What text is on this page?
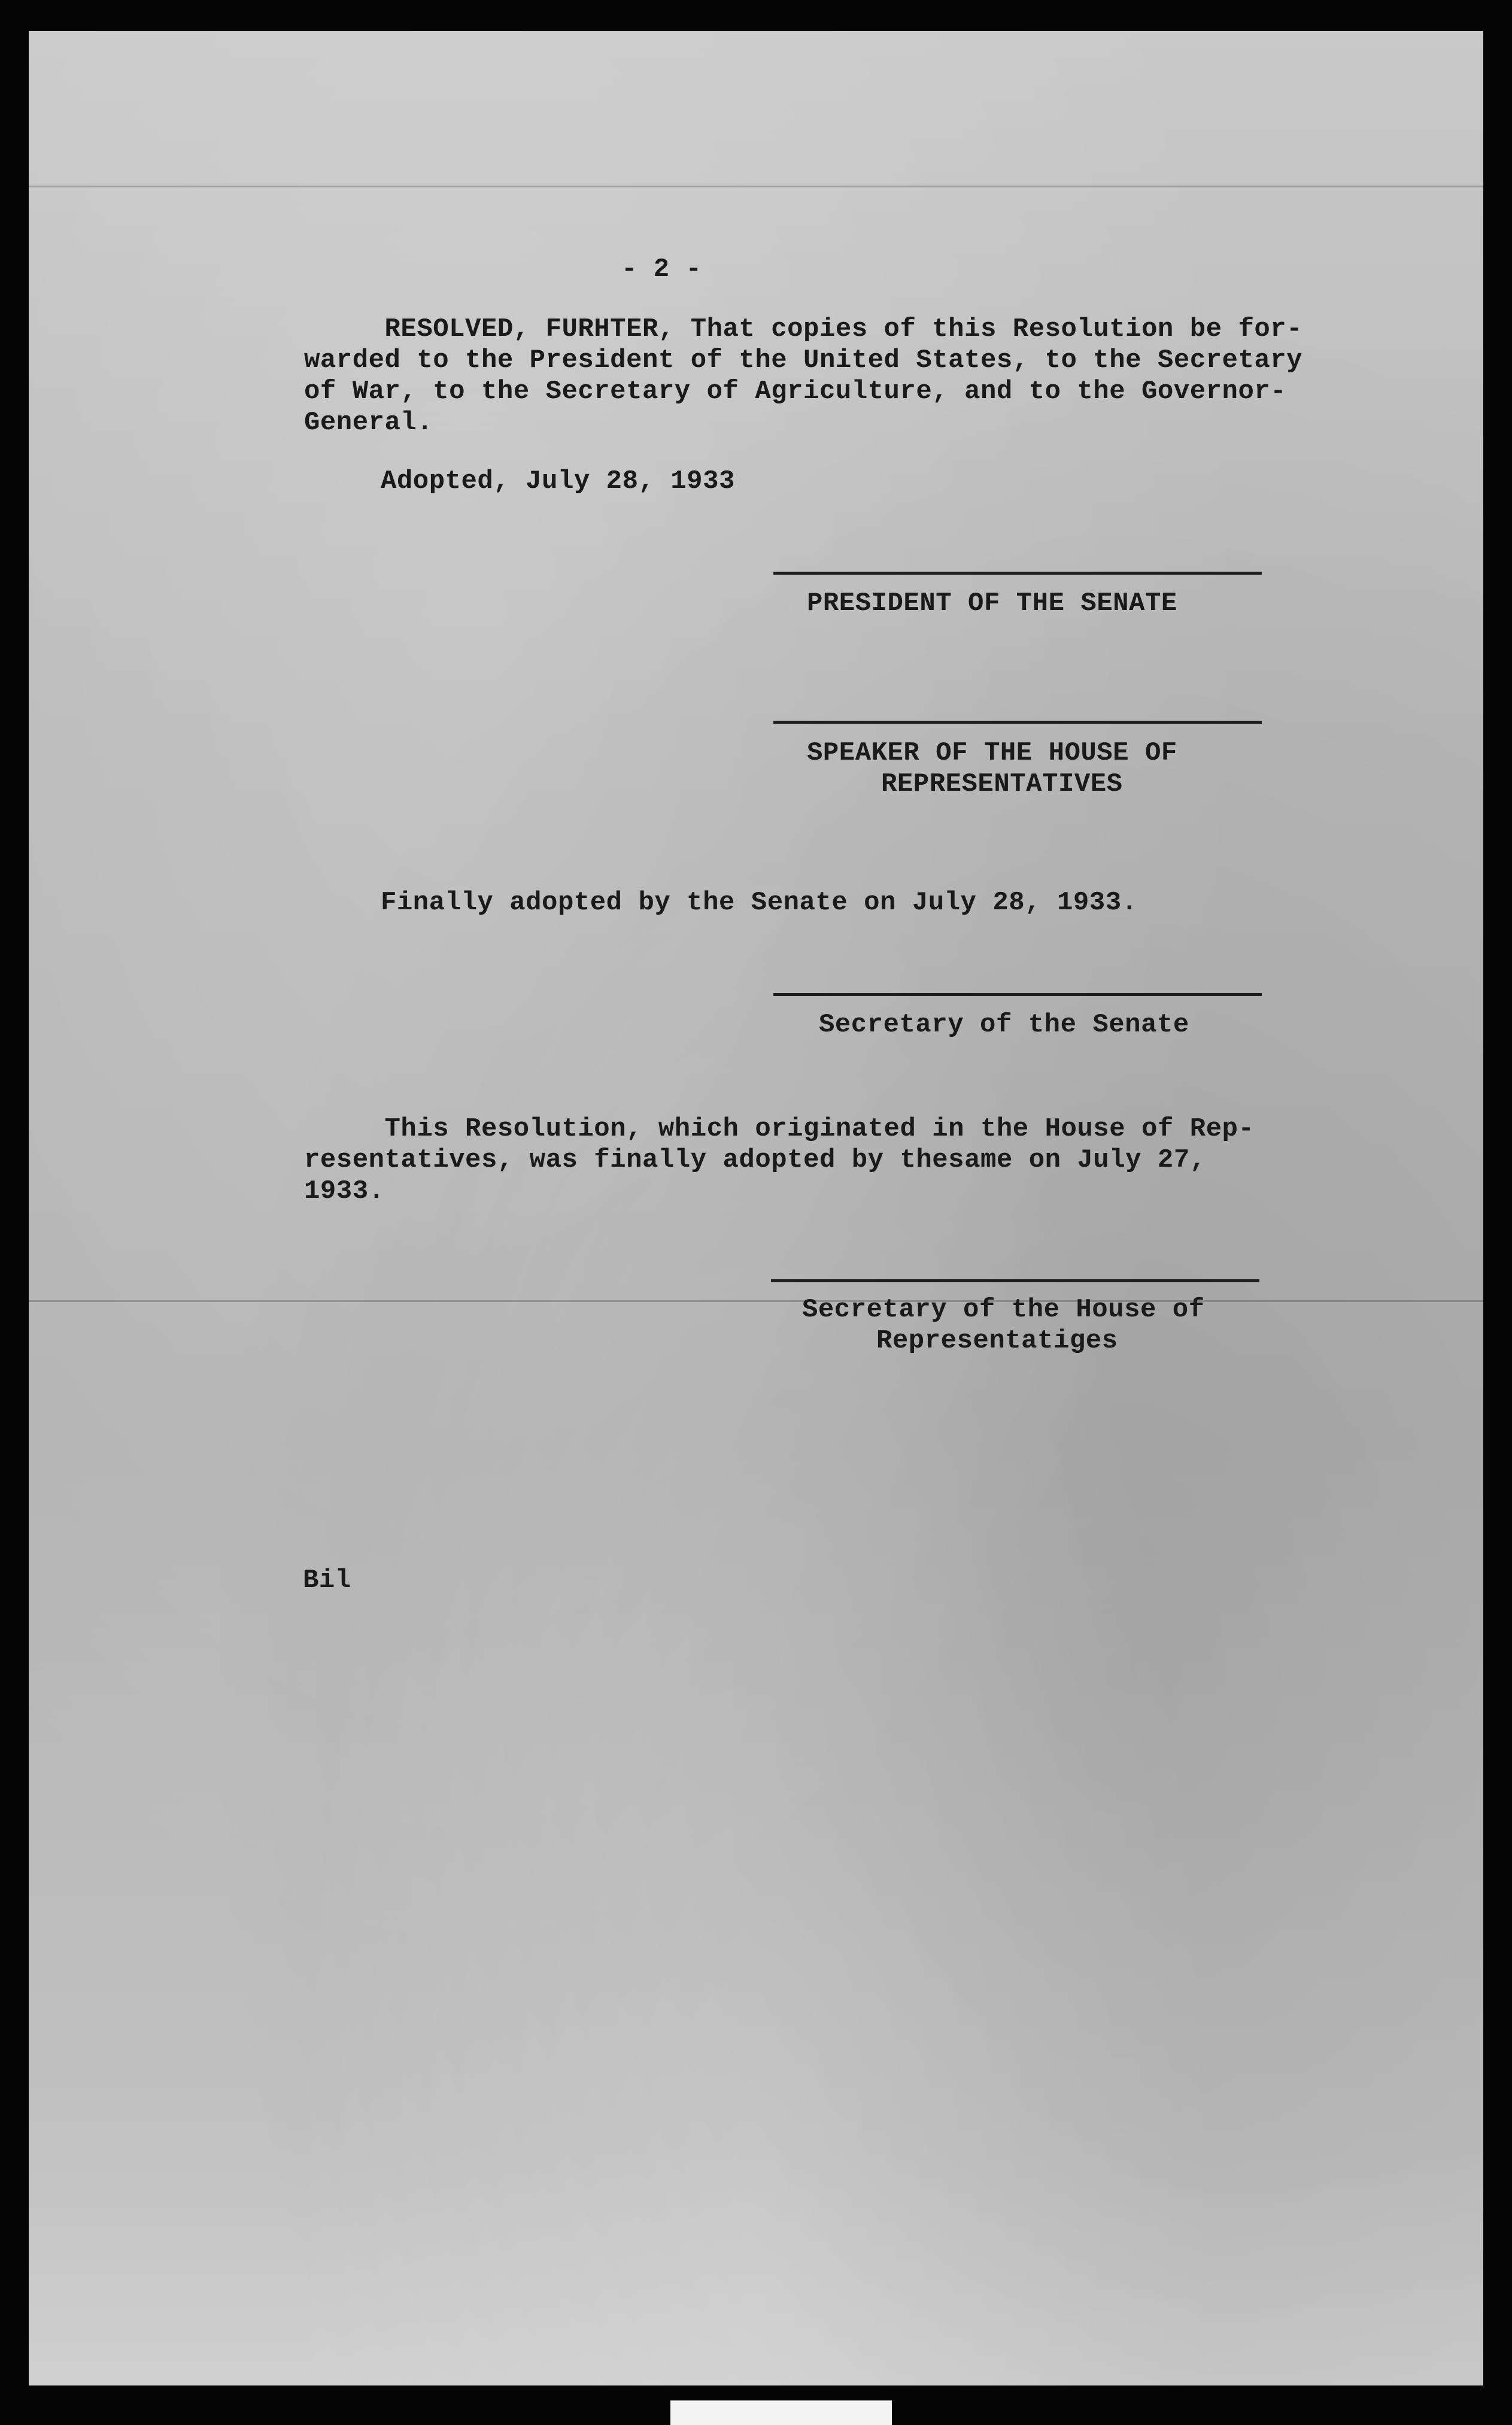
- 2 -
RESOLVED, FURHTER, That copies of this Resolution be for-
warded to the President of the United States, to the Secretary
of War, to the Secretary of Agriculture, and to the Governor-
General.
Adopted, July 28, 1933
PRESIDENT OF THE SENATE
SPEAKER OF THE HOUSE OF
REPRESENTATIVES
Finally adopted by the Senate on July 28, 1933.
Secretary of the Senate
This Resolution, which originated in the House of Rep-
resentatives, was finally adopted by thesame on July 27,
1933.
Secretary of the House of
Representatiges
Bil
